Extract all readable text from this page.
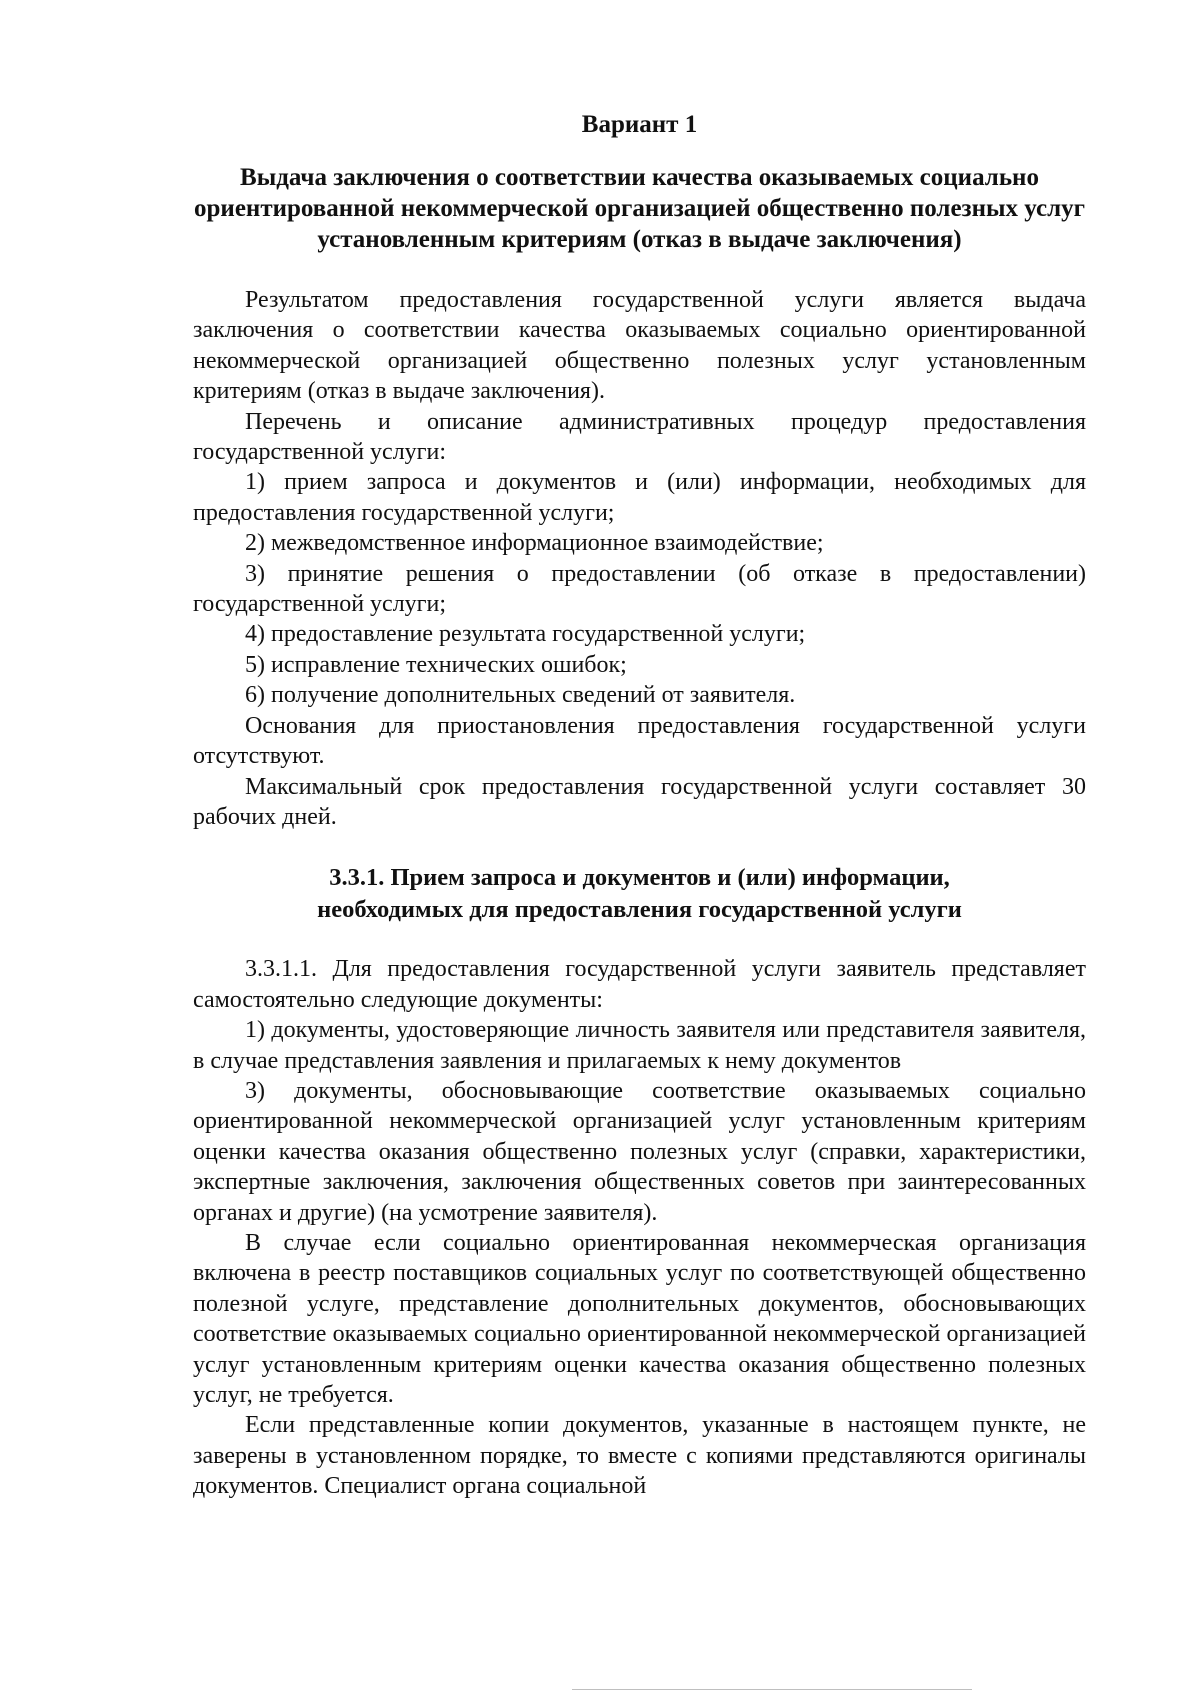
Вариант 1
Выдача заключения о соответствии качества оказываемых социально ориентированной некоммерческой организацией общественно полезных услуг установленным критериям (отказ в выдаче заключения)

Результатом предоставления государственной услуги является выдача заключения о соответствии качества оказываемых социально ориентированной некоммерческой организацией общественно полезных услуг установленным критериям (отказ в выдаче заключения).

Перечень и описание административных процедур предоставления государственной услуги:

1) прием запроса и документов и (или) информации, необходимых для предоставления государственной услуги;

2) межведомственное информационное взаимодействие;

3) принятие решения о предоставлении (об отказе в предоставлении) государственной услуги;

4) предоставление результата государственной услуги;

5) исправление технических ошибок;

6) получение дополнительных сведений от заявителя.

Основания для приостановления предоставления государственной услуги отсутствуют.

Максимальный срок предоставления государственной услуги составляет 30 рабочих дней.

3.3.1. Прием запроса и документов и (или) информации,
необходимых для предоставления государственной услуги

3.3.1.1. Для предоставления государственной услуги заявитель представляет самостоятельно следующие документы:

1) документы, удостоверяющие личность заявителя или представителя заявителя, в случае представления заявления и прилагаемых к нему документов

3) документы, обосновывающие соответствие оказываемых социально ориентированной некоммерческой организацией услуг установленным критериям оценки качества оказания общественно полезных услуг (справки, характеристики, экспертные заключения, заключения общественных советов при заинтересованных органах и другие) (на усмотрение заявителя).

В случае если социально ориентированная некоммерческая организация включена в реестр поставщиков социальных услуг по соответствующей общественно полезной услуге, представление дополнительных документов, обосновывающих соответствие оказываемых социально ориентированной некоммерческой организацией услуг установленным критериям оценки качества оказания общественно полезных услуг, не требуется.

Если представленные копии документов, указанные в настоящем пункте, не заверены в установленном порядке, то вместе с копиями представляются оригиналы документов. Специалист органа социальной
